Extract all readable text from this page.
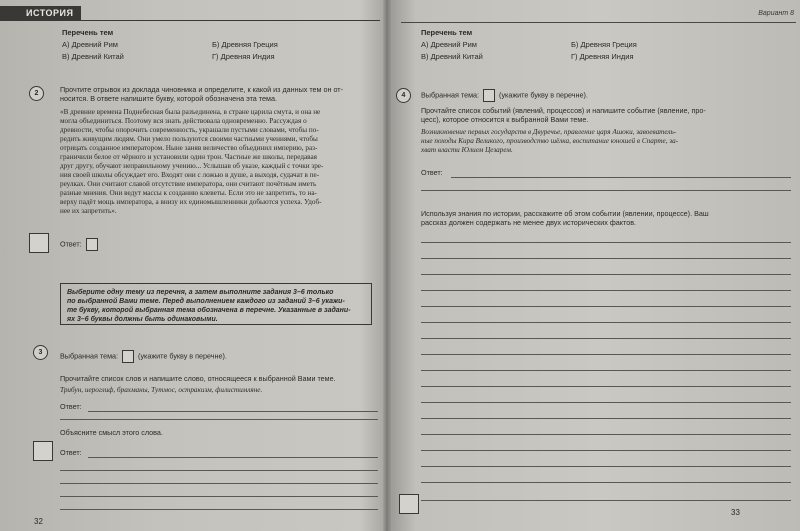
ИСТОРИЯ
Перечень тем
А) Древний Рим	Б) Древняя Греция
В) Древний Китай	Г) Древняя Индия
2	Прочтите отрывок из доклада чиновника и определите, к какой из данных тем он от-
носится. В ответе напишите букву, которой обозначена эта тема.
«В древние времена Поднебесная была разъединена, в стране царила смута, и она не
могла объединиться. Поэтому вся знать действовала одновременно. Рассуждая о
древности, чтобы опорочить современность, украшали пустыми словами, чтобы по-
редить живущим людям. Они умело пользуются своими частными учениями, чтобы
отрицать созданное императором. Ныне заняв величество объединил империю, раз-
граничили белое от чёрного и установили один трон. Частные же школы, передавая
друг другу, обучают неправильному учению... Услышав об указе, каждый с точки зре-
ния своей школы обсуждает его. Входят они с ложью в душе, а выходя, судачат в пе-
реулках. Они считают славой отсутствие императора, они считают почётным иметь
разные мнения. Они ведут массы к созданию клеветы. Если это не запретить, то на-
верху падёт мощь императора, а внизу их единомышленники добьются успеха. Удоб-
нее их запретить».
Ответ:
Выберите одну тему из перечня, а затем выполните задания 3–6 только
по выбранной Вами теме. Перед выполнением каждого из заданий 3–6 укажи-
те букву, которой выбранная тема обозначена в перечне. Указанные в задани-
ях 3–6 буквы должны быть одинаковыми.
3	Выбранная тема:	(укажите букву в перечне).
Прочитайте список слов и напишите слово, относящееся к выбранной Вами теме.
Трибун, иероглиф, брахманы, Тутмос, остракизм, филистимляне.
Ответ:
Объясните смысл этого слова.
Ответ:
32
Вариант 8
Перечень тем
А) Древний Рим	Б) Древняя Греция
В) Древний Китай	Г) Древняя Индия
4	Выбранная тема:	(укажите букву в перечне).
Прочтайте список событий (явлений, процессов) и напишите событие (явление, про-
цесс), которое относится к выбранной Вами теме.
Возникновение первых государств в Двуречье, правление царя Ашоки, завоеватель-
ные походы Кира Великого, производство шёлка, воспитание юношей в Спарте, за-
хват власти Юлием Цезарем.
Ответ:
Используя знания по истории, расскажите об этом событии (явлении, процессе). Ваш
рассказ должен содержать не менее двух исторических фактов.
33
